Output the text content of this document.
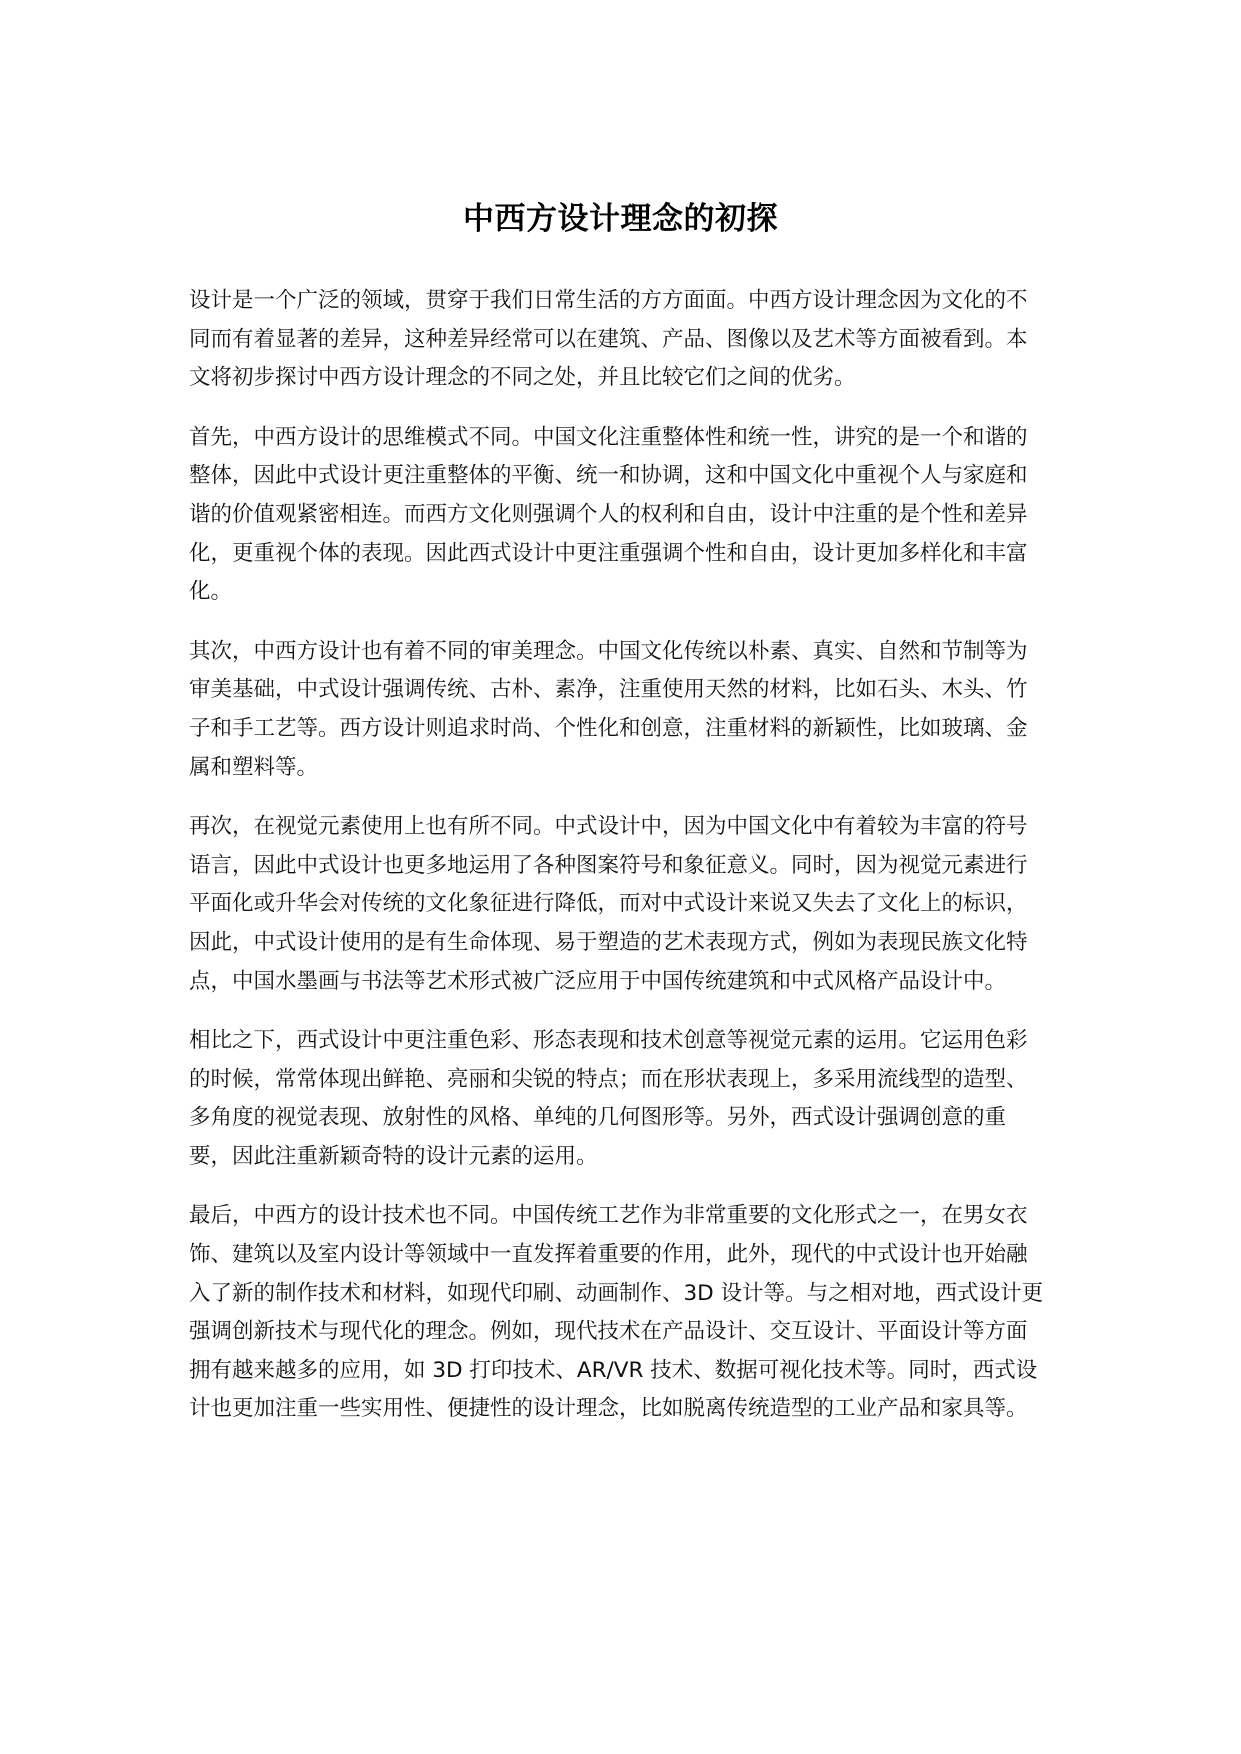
中西方设计理念的初探

设计是一个广泛的领域，贯穿于我们日常生活的方方面面。中西方设计理念因为文化的不同而有着显著的差异，这种差异经常可以在建筑、产品、图像以及艺术等方面被看到。本文将初步探讨中西方设计理念的不同之处，并且比较它们之间的优劣。

首先，中西方设计的思维模式不同。中国文化注重整体性和统一性，讲究的是一个和谐的整体，因此中式设计更注重整体的平衡、统一和协调，这和中国文化中重视个人与家庭和谐的价值观紧密相连。而西方文化则强调个人的权利和自由，设计中注重的是个性和差异化，更重视个体的表现。因此西式设计中更注重强调个性和自由，设计更加多样化和丰富化。

其次，中西方设计也有着不同的审美理念。中国文化传统以朴素、真实、自然和节制等为审美基础，中式设计强调传统、古朴、素净，注重使用天然的材料，比如石头、木头、竹子和手工艺等。西方设计则追求时尚、个性化和创意，注重材料的新颖性，比如玻璃、金属和塑料等。

再次，在视觉元素使用上也有所不同。中式设计中，因为中国文化中有着较为丰富的符号语言，因此中式设计也更多地运用了各种图案符号和象征意义。同时，因为视觉元素进行平面化或升华会对传统的文化象征进行降低，而对中式设计来说又失去了文化上的标识，因此，中式设计使用的是有生命体现、易于塑造的艺术表现方式，例如为表现民族文化特点，中国水墨画与书法等艺术形式被广泛应用于中国传统建筑和中式风格产品设计中。

相比之下，西式设计中更注重色彩、形态表现和技术创意等视觉元素的运用。它运用色彩的时候，常常体现出鲜艳、亮丽和尖锐的特点；而在形状表现上，多采用流线型的造型、多角度的视觉表现、放射性的风格、单纯的几何图形等。另外，西式设计强调创意的重要，因此注重新颖奇特的设计元素的运用。

最后，中西方的设计技术也不同。中国传统工艺作为非常重要的文化形式之一，在男女衣饰、建筑以及室内设计等领域中一直发挥着重要的作用，此外，现代的中式设计也开始融入了新的制作技术和材料，如现代印刷、动画制作、3D 设计等。与之相对地，西式设计更强调创新技术与现代化的理念。例如，现代技术在产品设计、交互设计、平面设计等方面拥有越来越多的应用，如 3D 打印技术、AR/VR 技术、数据可视化技术等。同时，西式设计也更加注重一些实用性、便捷性的设计理念，比如脱离传统造型的工业产品和家具等。
